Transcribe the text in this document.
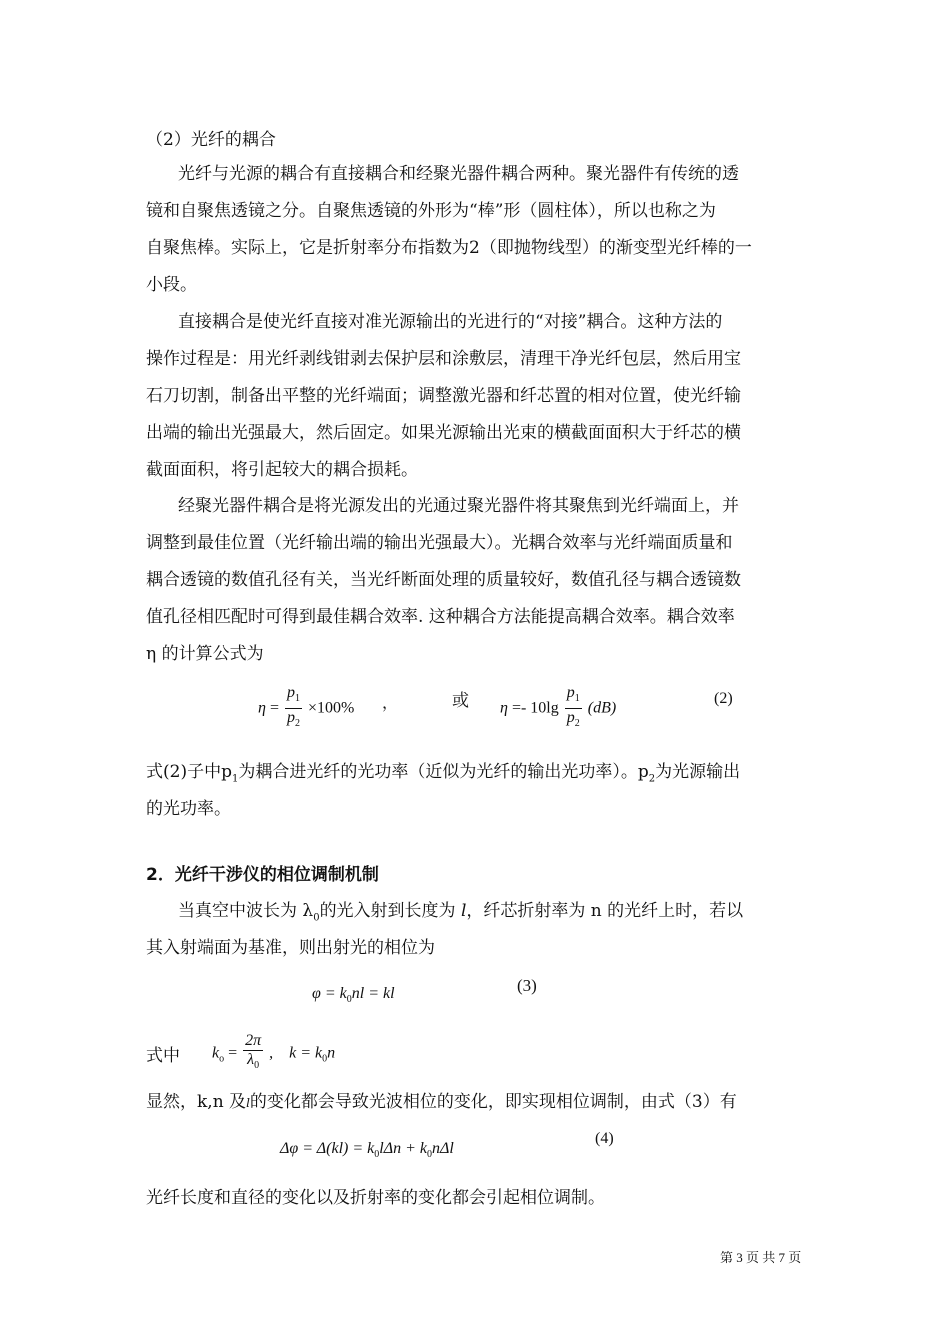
（2）光纤的耦合
光纤与光源的耦合有直接耦合和经聚光器件耦合两种。聚光器件有传统的透
镜和自聚焦透镜之分。自聚焦透镜的外形为“棒”形（圆柱体），所以也称之为
自聚焦棒。实际上，它是折射率分布指数为2（即抛物线型）的渐变型光纤棒的一
小段。
直接耦合是使光纤直接对准光源输出的光进行的“对接”耦合。这种方法的
操作过程是：用光纤剥线钳剥去保护层和涂敷层，清理干净光纤包层，然后用宝
石刀切割，制备出平整的光纤端面；调整激光器和纤芯置的相对位置，使光纤输
出端的输出光强最大，然后固定。如果光源输出光束的横截面面积大于纤芯的横
截面面积，将引起较大的耦合损耗。
经聚光器件耦合是将光源发出的光通过聚光器件将其聚焦到光纤端面上，并
调整到最佳位置（光纤输出端的输出光强最大）。光耦合效率与光纤端面质量和
耦合透镜的数值孔径有关，当光纤断面处理的质量较好，数值孔径与耦合透镜数
值孔径相匹配时可得到最佳耦合效率. 这种耦合方法能提高耦合效率。耦合效率
η 的计算公式为
$\eta = \frac{p_1}{p_2} \times 100\%$ ，	或 $\eta =- 10\lg \frac{p_1}{p_2} (dB)$
(2)
式(2)子中$p_1$为耦合进光纤的光功率（近似为光纤的输出光功率）。$p_2$为光源输出
的光功率。
2．光纤干涉仪的相位调制机制
当真空中波长为 $\lambda_0$的光入射到长度为 l，纤芯折射率为 n 的光纤上时，若以
其入射端面为基准，则出射光的相位为
$\varphi = k_0nl$ = kl	(3)
式中 $k_o = \frac{2\pi}{\lambda_0}$ , $k = k_0n$
显然，k,n 及l的变化都会导致光波相位的变化，即实现相位调制，由式（3）有
$\Delta\varphi = \Delta(kl) = k_0l\Delta n + k_0n\Delta l$
(4)
光纤长度和直径的变化以及折射率的变化都会引起相位调制。
第 3 页 共 7 页
